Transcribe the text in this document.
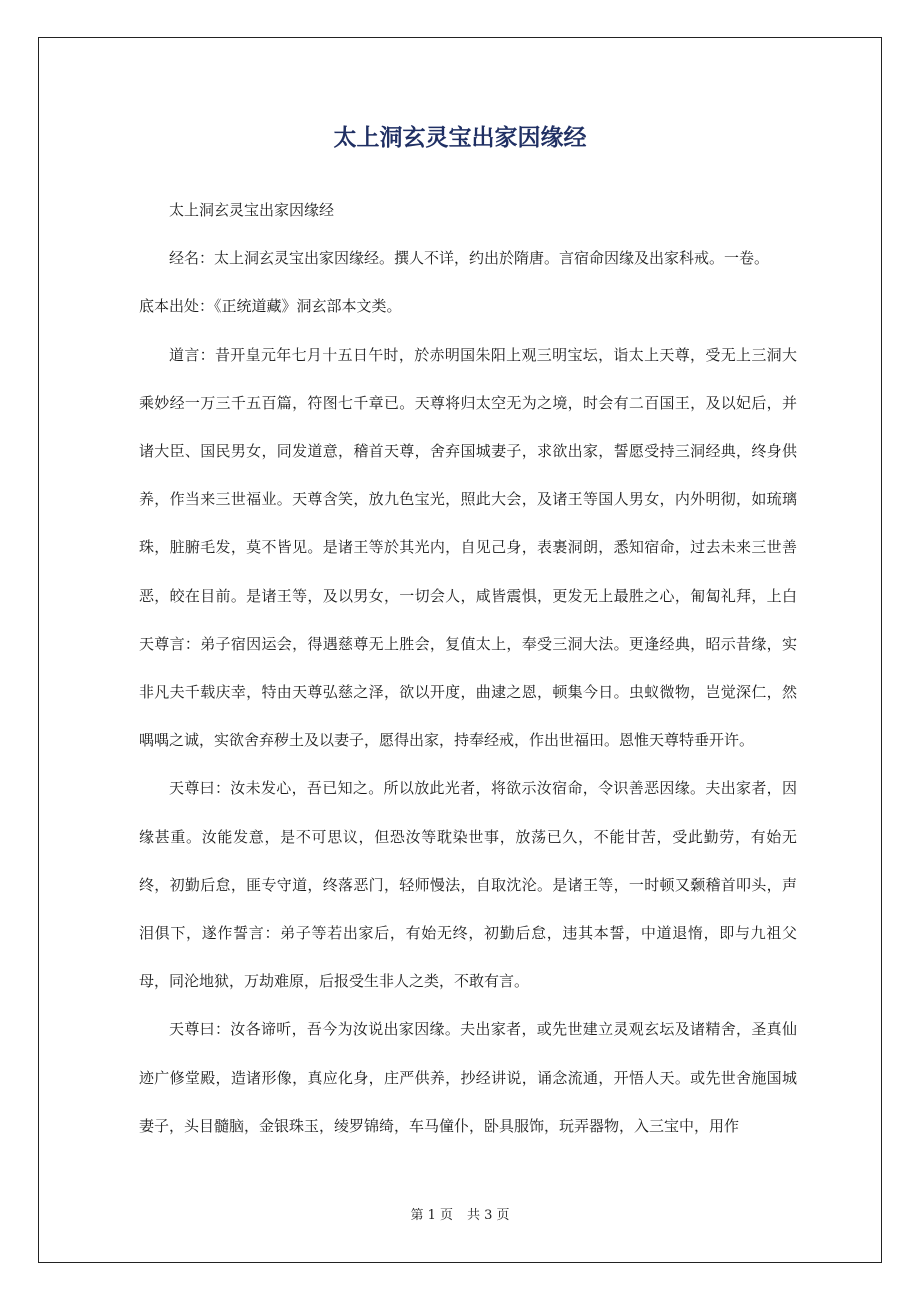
太上洞玄灵宝出家因缘经

太上洞玄灵宝出家因缘经

经名：太上洞玄灵宝出家因缘经。撰人不详，约出於隋唐。言宿命因缘及出家科戒。一卷。

底本出处：《正统道藏》洞玄部本文类。

道言：昔开皇元年七月十五日午时，於赤明国朱阳上观三明宝坛，诣太上天尊，受无上三洞大乘妙经一万三千五百篇，符图七千章已。天尊将归太空无为之境，时会有二百国王，及以妃后，并诸大臣、国民男女，同发道意，稽首天尊，舍弃国城妻子，求欲出家，誓愿受持三洞经典，终身供养，作当来三世福业。天尊含笑，放九色宝光，照此大会，及诸王等国人男女，内外明彻，如琉璃珠，脏腑毛发，莫不皆见。是诸王等於其光内，自见己身，表裹洞朗，悉知宿命，过去未来三世善恶，皎在目前。是诸王等，及以男女，一切会人，咸皆震惧，更发无上最胜之心，匍匐礼拜，上白天尊言：弟子宿因运会，得遇慈尊无上胜会，复值太上，奉受三洞大法。更逢经典，昭示昔缘，实非凡夫千载庆幸，特由天尊弘慈之泽，欲以开度，曲逮之恩，顿集今日。虫蚁微物，岂觉深仁，然喁喁之诚，实欲舍弃秽土及以妻子，愿得出家，持奉经戒，作出世福田。恩惟天尊特垂开许。

天尊曰：汝未发心，吾已知之。所以放此光者，将欲示汝宿命，令识善恶因缘。夫出家者，因缘甚重。汝能发意，是不可思议，但恐汝等耽染世事，放荡已久，不能甘苦，受此勤劳，有始无终，初勤后怠，匪专守道，终落恶门，轻师慢法，自取沈沦。是诸王等，一时顿又颡稽首叩头，声泪俱下，遂作誓言：弟子等若出家后，有始无终，初勤后怠，违其本誓，中道退惰，即与九祖父母，同沦地狱，万劫难原，后报受生非人之类，不敢有言。

天尊曰：汝各谛听，吾今为汝说出家因缘。夫出家者，或先世建立灵观玄坛及诸精舍，圣真仙迹广修堂殿，造诸形像，真应化身，庄严供养，抄经讲说，诵念流通，开悟人天。或先世舍施国城妻子，头目髓脑，金银珠玉，绫罗锦绮，车马僮仆，卧具服饰，玩弄器物，入三宝中，用作

第 1 页 共 3 页
